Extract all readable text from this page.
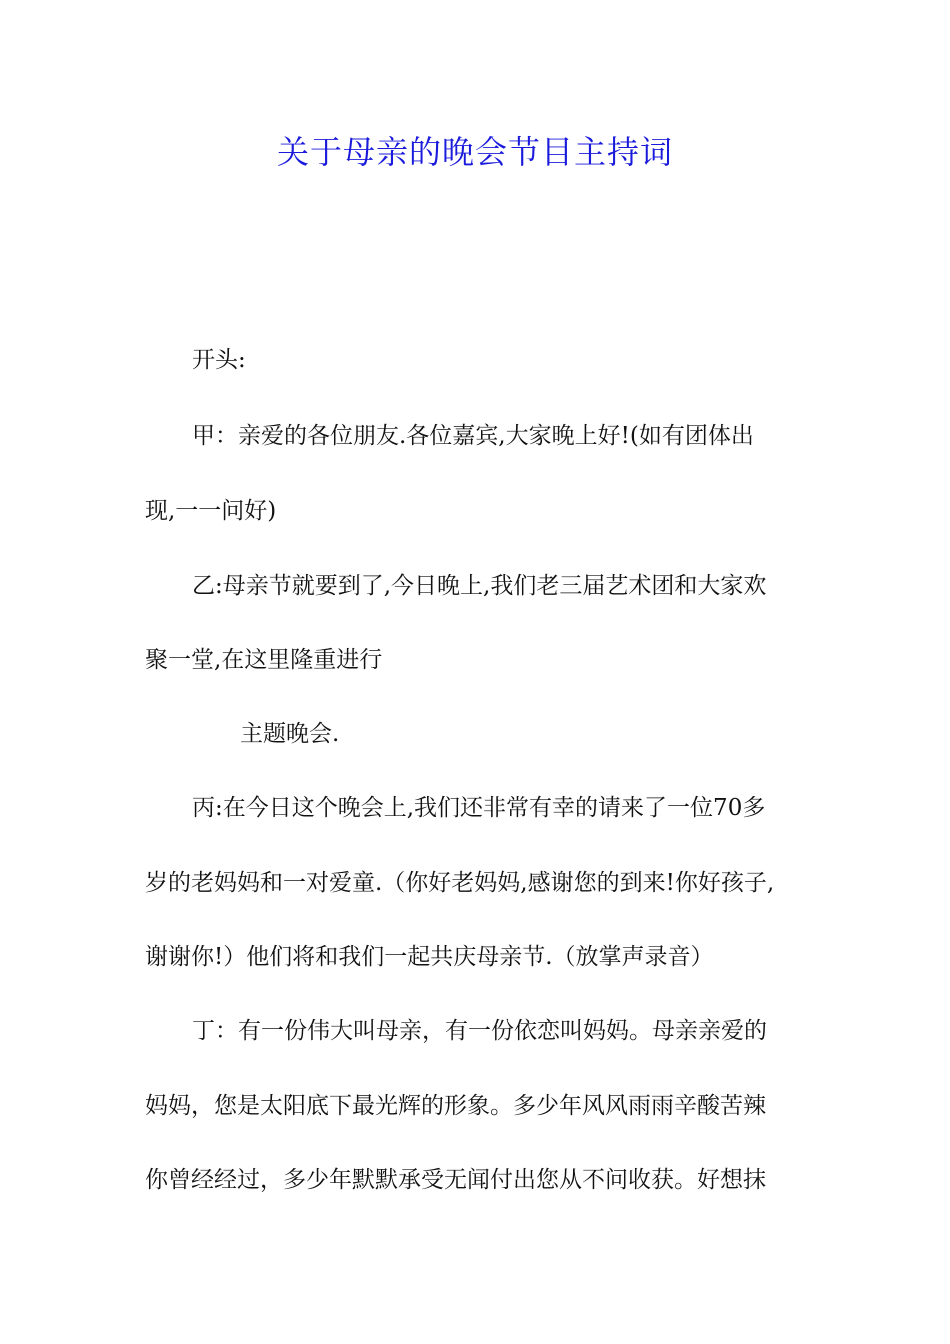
关于母亲的晚会节目主持词
开头:
甲：亲爱的各位朋友.各位嘉宾,大家晚上好!(如有团体出
现,一一问好)
乙:母亲节就要到了,今日晚上,我们老三届艺术团和大家欢
聚一堂,在这里隆重进行
主题晚会.
丙:在今日这个晚会上,我们还非常有幸的请来了一位70多
岁的老妈妈和一对爱童.（你好老妈妈,感谢您的到来!你好孩子,
谢谢你!）他们将和我们一起共庆母亲节.（放掌声录音）
丁：有一份伟大叫母亲，有一份依恋叫妈妈。母亲亲爱的
妈妈，您是太阳底下最光辉的形象。多少年风风雨雨辛酸苦辣
你曾经经过，多少年默默承受无闻付出您从不问收获。好想抹
